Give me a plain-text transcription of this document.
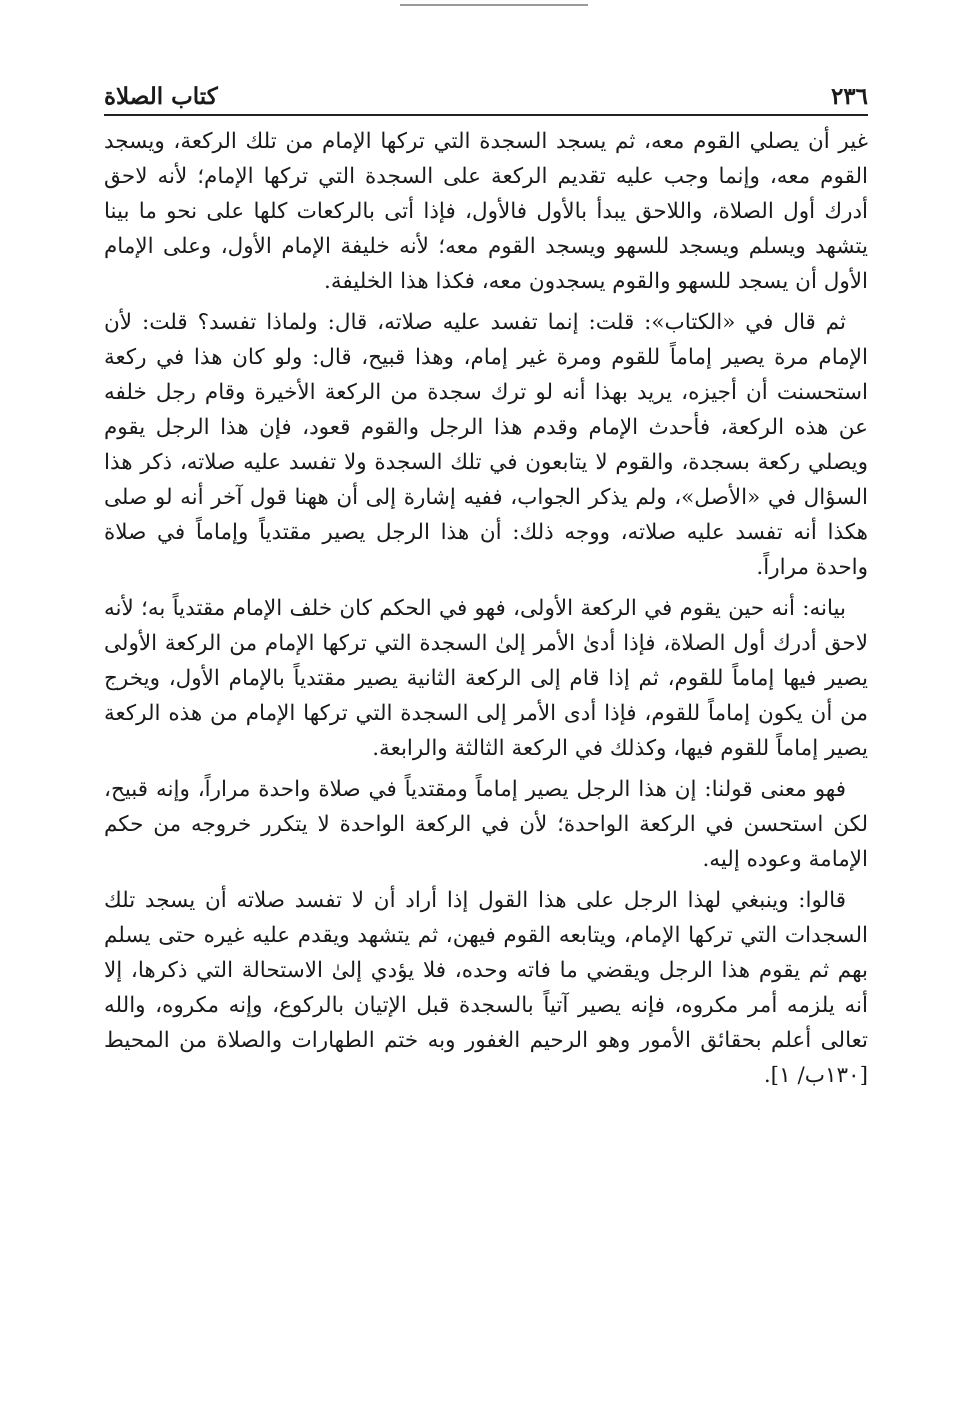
٢٣٦
كتاب الصلاة

غير أن يصلي القوم معه، ثم يسجد السجدة التي تركها الإمام من تلك الركعة، ويسجد القوم معه، وإنما وجب عليه تقديم الركعة على السجدة التي تركها الإمام؛ لأنه لاحق أدرك أول الصلاة، واللاحق يبدأ بالأول فالأول، فإذا أتى بالركعات كلها على نحو ما بينا يتشهد ويسلم ويسجد للسهو ويسجد القوم معه؛ لأنه خليفة الإمام الأول، وعلى الإمام الأول أن يسجد للسهو والقوم يسجدون معه، فكذا هذا الخليفة.

ثم قال في «الكتاب»: قلت: إنما تفسد عليه صلاته، قال: ولماذا تفسد؟ قلت: لأن الإمام مرة يصير إماماً للقوم ومرة غير إمام، وهذا قبيح، قال: ولو كان هذا في ركعة استحسنت أن أجيزه، يريد بهذا أنه لو ترك سجدة من الركعة الأخيرة وقام رجل خلفه عن هذه الركعة، فأحدث الإمام وقدم هذا الرجل والقوم قعود، فإن هذا الرجل يقوم ويصلي ركعة بسجدة، والقوم لا يتابعون في تلك السجدة ولا تفسد عليه صلاته، ذكر هذا السؤال في «الأصل»، ولم يذكر الجواب، ففيه إشارة إلى أن ههنا قول آخر أنه لو صلى هكذا أنه تفسد عليه صلاته، ووجه ذلك: أن هذا الرجل يصير مقتدياً وإماماً في صلاة واحدة مراراً.

بيانه: أنه حين يقوم في الركعة الأولى، فهو في الحكم كان خلف الإمام مقتدياً به؛ لأنه لاحق أدرك أول الصلاة، فإذا أدىٰ الأمر إلىٰ السجدة التي تركها الإمام من الركعة الأولى يصير فيها إماماً للقوم، ثم إذا قام إلى الركعة الثانية يصير مقتدياً بالإمام الأول، ويخرج من أن يكون إماماً للقوم، فإذا أدى الأمر إلى السجدة التي تركها الإمام من هذه الركعة يصير إماماً للقوم فيها، وكذلك في الركعة الثالثة والرابعة.

فهو معنى قولنا: إن هذا الرجل يصير إماماً ومقتدياً في صلاة واحدة مراراً، وإنه قبيح، لكن استحسن في الركعة الواحدة؛ لأن في الركعة الواحدة لا يتكرر خروجه من حكم الإمامة وعوده إليه.

قالوا: وينبغي لهذا الرجل على هذا القول إذا أراد أن لا تفسد صلاته أن يسجد تلك السجدات التي تركها الإمام، ويتابعه القوم فيهن، ثم يتشهد ويقدم عليه غيره حتى يسلم بهم ثم يقوم هذا الرجل ويقضي ما فاته وحده، فلا يؤدي إلىٰ الاستحالة التي ذكرها، إلا أنه يلزمه أمر مكروه، فإنه يصير آتياً بالسجدة قبل الإتيان بالركوع، وإنه مكروه، والله تعالى أعلم بحقائق الأمور وهو الرحيم الغفور وبه ختم الطهارات والصلاة من المحيط [١٣٠ب/ ١].
